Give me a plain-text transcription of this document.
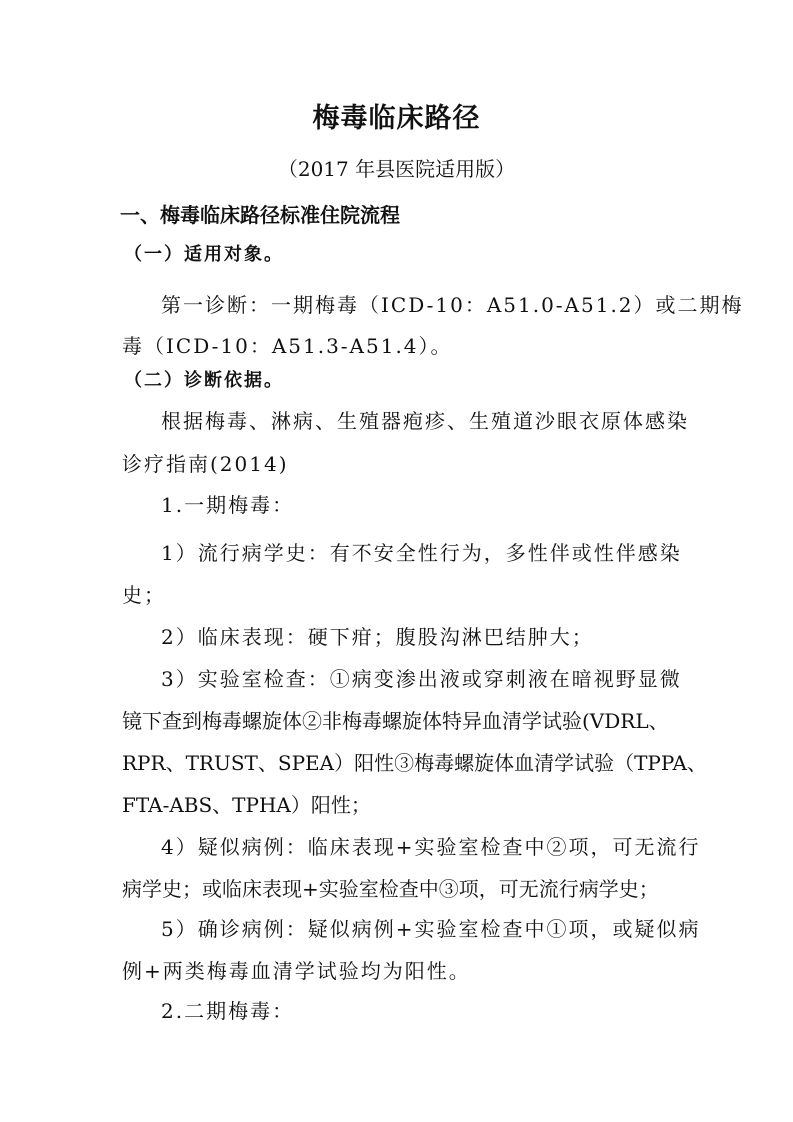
梅毒临床路径

（2017 年县医院适用版）

一、梅毒临床路径标准住院流程

（一）适用对象。

第一诊断：一期梅毒（ICD-10：A51.0-A51.2）或二期梅

毒（ICD-10：A51.3-A51.4）。

（二）诊断依据。

根据梅毒、淋病、生殖器疱疹、生殖道沙眼衣原体感染

诊疗指南(2014)

1.一期梅毒：

1）流行病学史：有不安全性行为，多性伴或性伴感染

史；

2）临床表现：硬下疳；腹股沟淋巴结肿大；

3）实验室检查：①病变渗出液或穿刺液在暗视野显微

镜下查到梅毒螺旋体②非梅毒螺旋体特异血清学试验(VDRL、

RPR、TRUST、SPEA）阳性③梅毒螺旋体血清学试验（TPPA、

FTA-ABS、TPHA）阳性；

4）疑似病例：临床表现+实验室检查中②项，可无流行

病学史；或临床表现+实验室检查中③项，可无流行病学史；

5）确诊病例：疑似病例+实验室检查中①项，或疑似病

例+两类梅毒血清学试验均为阳性。

2.二期梅毒：
